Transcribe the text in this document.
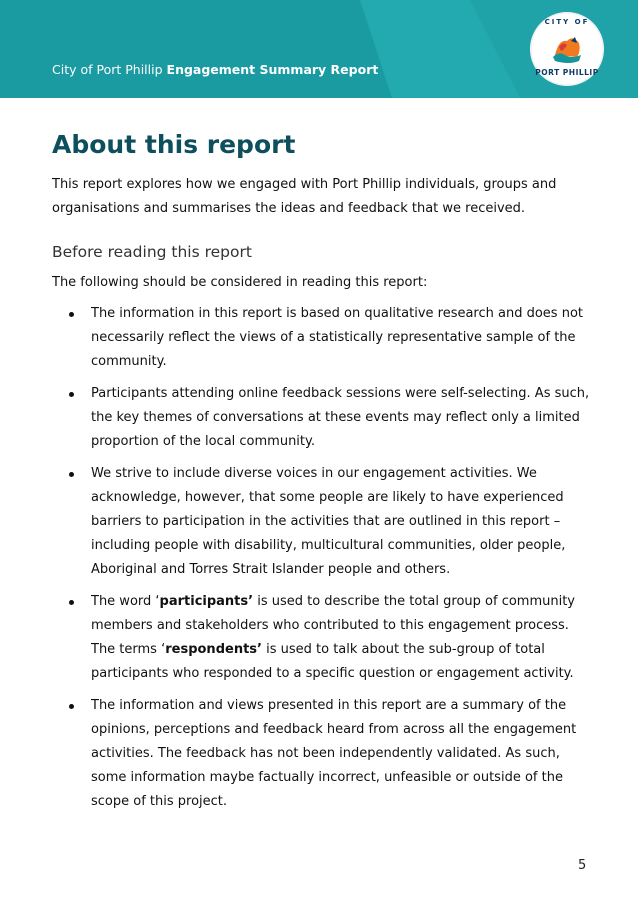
City of Port Phillip Engagement Summary Report
CITY OF
PORT PHILLIP
About this report

This report explores how we engaged with Port Phillip individuals, groups and organisations and summarises the ideas and feedback that we received.

Before reading this report

The following should be considered in reading this report:

The information in this report is based on qualitative research and does not necessarily reflect the views of a statistically representative sample of the community.
Participants attending online feedback sessions were self-selecting. As such, the key themes of conversations at these events may reflect only a limited proportion of the local community.
We strive to include diverse voices in our engagement activities. We acknowledge, however, that some people are likely to have experienced barriers to participation in the activities that are outlined in this report – including people with disability, multicultural communities, older people, Aboriginal and Torres Strait Islander people and others.
The word ‘participants’ is used to describe the total group of community members and stakeholders who contributed to this engagement process. The terms ‘respondents’ is used to talk about the sub-group of total participants who responded to a specific question or engagement activity.
The information and views presented in this report are a summary of the opinions, perceptions and feedback heard from across all the engagement activities. The feedback has not been independently validated. As such, some information maybe factually incorrect, unfeasible or outside of the scope of this project.
5
